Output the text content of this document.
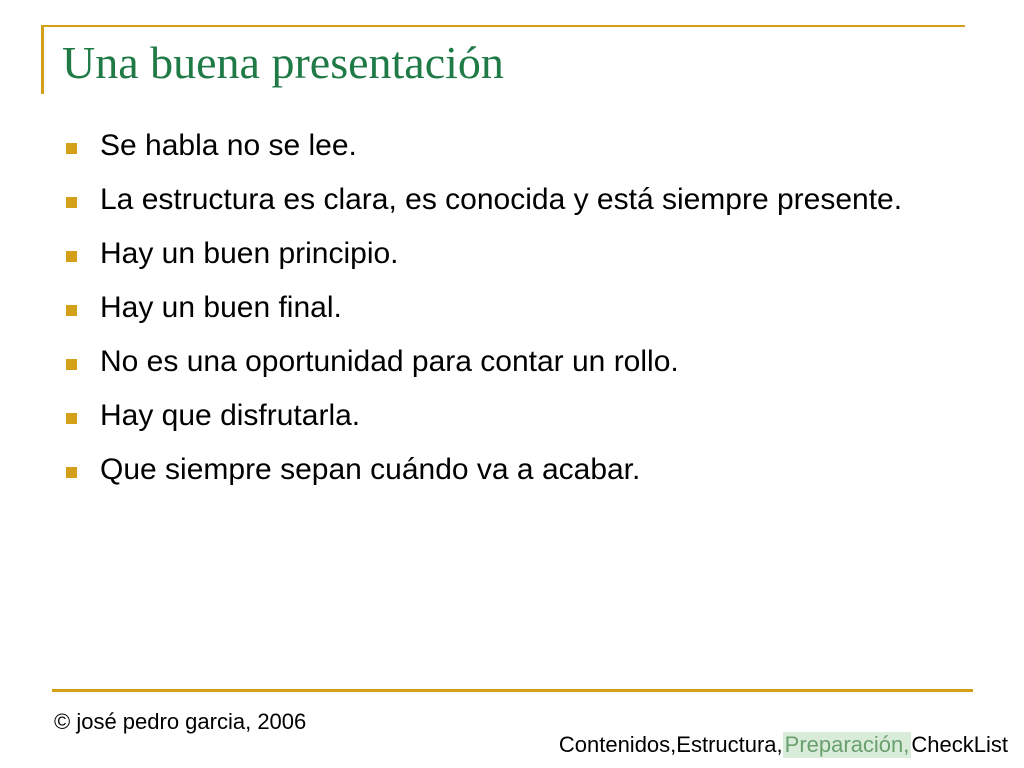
Una buena presentación
Se habla no se lee.
La estructura es clara, es conocida y está siempre presente.
Hay un buen principio.
Hay un buen final.
No es una oportunidad para contar un rollo.
Hay que disfrutarla.
Que siempre sepan cuándo va a acabar.
© josé pedro garcia, 2006
Contenidos,Estructura,Preparación,CheckList
